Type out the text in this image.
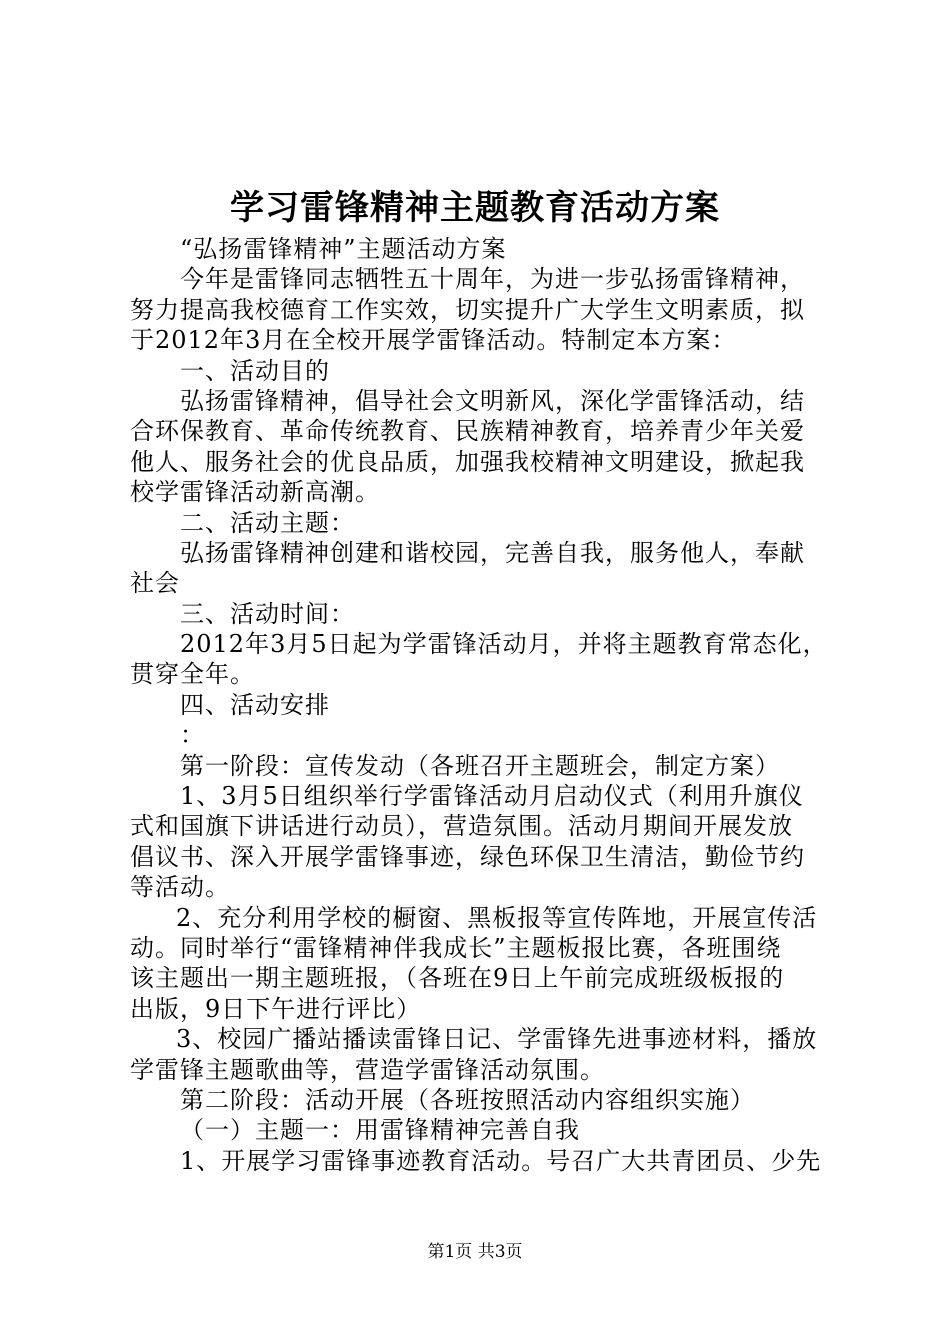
学习雷锋精神主题教育活动方案

“弘扬雷锋精神”主题活动方案

今年是雷锋同志牺牲五十周年，为进一步弘扬雷锋精神，

努力提高我校德育工作实效，切实提升广大学生文明素质，拟

于2012年3月在全校开展学雷锋活动。特制定本方案：

一、活动目的

弘扬雷锋精神，倡导社会文明新风，深化学雷锋活动，结

合环保教育、革命传统教育、民族精神教育，培养青少年关爱

他人、服务社会的优良品质，加强我校精神文明建设，掀起我

校学雷锋活动新高潮。

二、活动主题：

弘扬雷锋精神创建和谐校园，完善自我，服务他人，奉献

社会

三、活动时间：

2012年3月5日起为学雷锋活动月，并将主题教育常态化，

贯穿全年。

四、活动安排

：

第一阶段：宣传发动（各班召开主题班会，制定方案）

1、3月5日组织举行学雷锋活动月启动仪式（利用升旗仪

式和国旗下讲话进行动员），营造氛围。活动月期间开展发放

倡议书、深入开展学雷锋事迹，绿色环保卫生清洁，勤俭节约

等活动。

2、充分利用学校的橱窗、黑板报等宣传阵地，开展宣传活

动。同时举行“雷锋精神伴我成长”主题板报比赛，各班围绕

该主题出一期主题班报，（各班在9日上午前完成班级板报的

出版，9日下午进行评比）

3、校园广播站播读雷锋日记、学雷锋先进事迹材料，播放

学雷锋主题歌曲等，营造学雷锋活动氛围。

第二阶段：活动开展（各班按照活动内容组织实施）

（一）主题一：用雷锋精神完善自我

1、开展学习雷锋事迹教育活动。号召广大共青团员、少先

第1页 共3页
